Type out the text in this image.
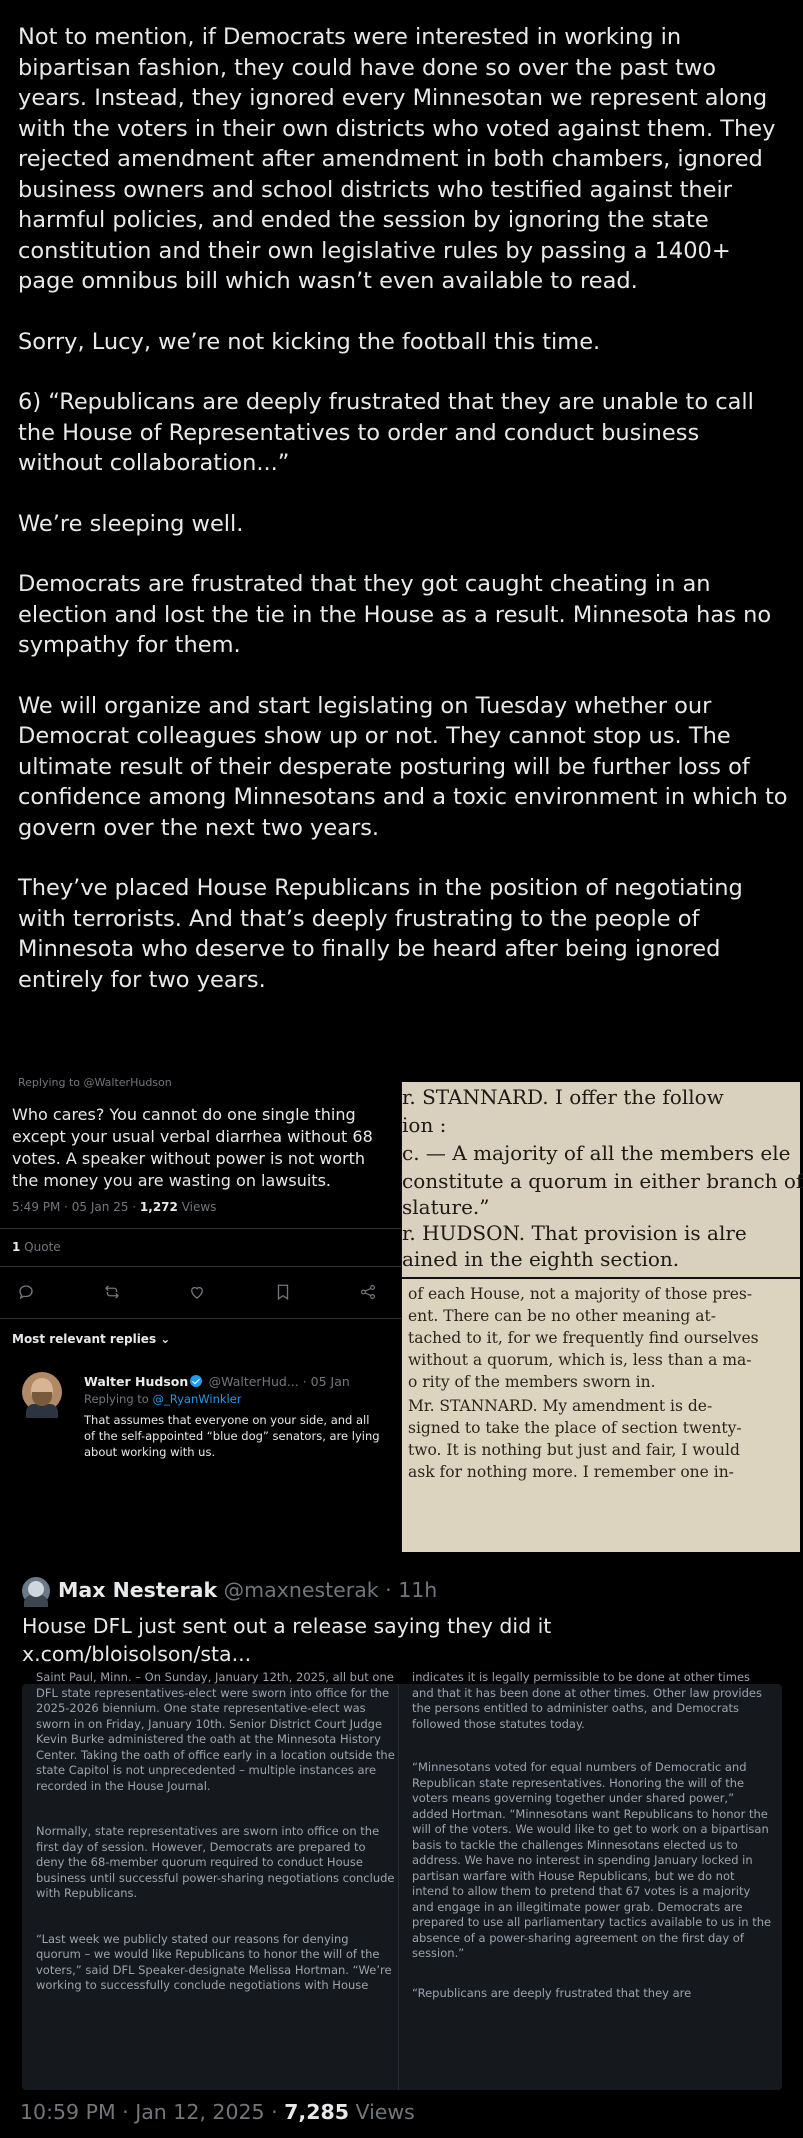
Not to mention, if Democrats were interested in working in bipartisan fashion, they could have done so over the past two years. Instead, they ignored every Minnesotan we represent along with the voters in their own districts who voted against them. They rejected amendment after amendment in both chambers, ignored business owners and school districts who testified against their harmful policies, and ended the session by ignoring the state constitution and their own legislative rules by passing a 1400+ page omnibus bill which wasn’t even available to read.

Sorry, Lucy, we’re not kicking the football this time.

6) “Republicans are deeply frustrated that they are unable to call the House of Representatives to order and conduct business without collaboration...”

We’re sleeping well.

Democrats are frustrated that they got caught cheating in an election and lost the tie in the House as a result. Minnesota has no sympathy for them.

We will organize and start legislating on Tuesday whether our Democrat colleagues show up or not. They cannot stop us. The ultimate result of their desperate posturing will be further loss of confidence among Minnesotans and a toxic environment in which to govern over the next two years.

They’ve placed House Republicans in the position of negotiating with terrorists. And that’s deeply frustrating to the people of Minnesota who deserve to finally be heard after being ignored entirely for two years.

Replying to @WalterHudson
Who cares? You cannot do one single thing except your usual verbal diarrhea without 68 votes. A speaker without power is not worth the money you are wasting on lawsuits.
5:49 PM · 05 Jan 25 · 1,272 Views
1 Quote
Most relevant replies ⌄
Walter Hudson @WalterHud... · 05 Jan
Replying to @_RyanWinkler
That assumes that everyone on your side, and all of the self-appointed “blue dog” senators, are lying about working with us.
r. STANNARD. I offer the follow
ion :
c. — A majority of all the members ele
constitute a quorum in either branch of
slature.”
r. HUDSON. That provision is alre
ained in the eighth section.
of each House, not a majority of those pres-
ent. There can be no other meaning at-
tached to it, for we frequently find ourselves
without a quorum, which is, less than a ma-
o rity of the members sworn in.
Mr. STANNARD. My amendment is de-
signed to take the place of section twenty-
two. It is nothing but just and fair, I would
ask for nothing more. I remember one in-
Max Nesterak @maxnesterak · 11h
House DFL just sent out a release saying they did it x.com/bloisolson/sta...

Saint Paul, Minn. – On Sunday, January 12th, 2025, all but one DFL state representatives-elect were sworn into office for the 2025-2026 biennium. One state representative-elect was sworn in on Friday, January 10th. Senior District Court Judge Kevin Burke administered the oath at the Minnesota History Center. Taking the oath of office early in a location outside the state Capitol is not unprecedented – multiple instances are recorded in the House Journal.

Normally, state representatives are sworn into office on the first day of session. However, Democrats are prepared to deny the 68-member quorum required to conduct House business until successful power-sharing negotiations conclude with Republicans.

“Last week we publicly stated our reasons for denying quorum – we would like Republicans to honor the will of the voters,” said DFL Speaker-designate Melissa Hortman. “We’re working to successfully conclude negotiations with House

indicates it is legally permissible to be done at other times and that it has been done at other times. Other law provides the persons entitled to administer oaths, and Democrats followed those statutes today.

“Minnesotans voted for equal numbers of Democratic and Republican state representatives. Honoring the will of the voters means governing together under shared power,” added Hortman. “Minnesotans want Republicans to honor the will of the voters. We would like to get to work on a bipartisan basis to tackle the challenges Minnesotans elected us to address. We have no interest in spending January locked in partisan warfare with House Republicans, but we do not intend to allow them to pretend that 67 votes is a majority and engage in an illegitimate power grab. Democrats are prepared to use all parliamentary tactics available to us in the absence of a power-sharing agreement on the first day of session.”

“Republicans are deeply frustrated that they are

10:59 PM · Jan 12, 2025 · 7,285 Views
